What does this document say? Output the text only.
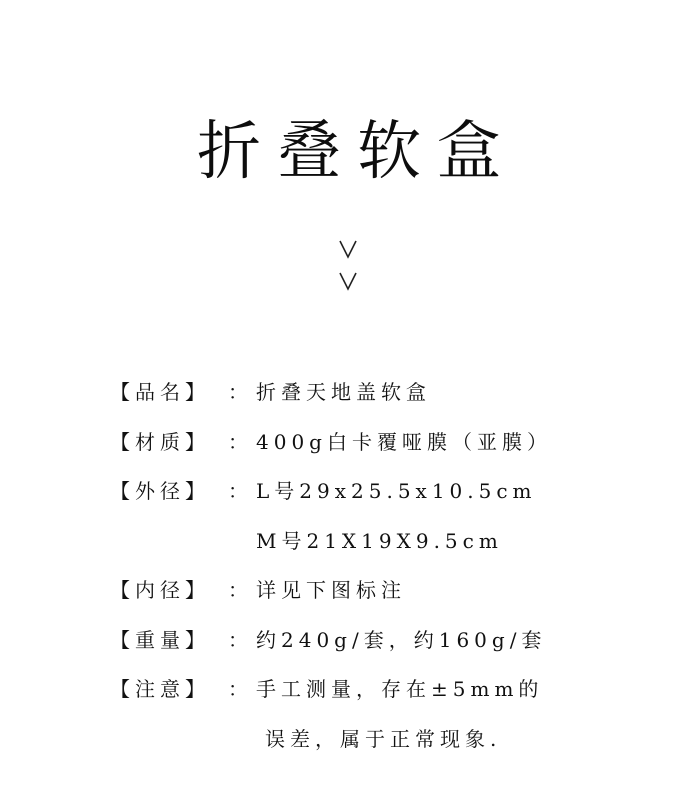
折叠软盒
【品名】 ： 折叠天地盖软盒
【材质】 ： 400g白卡覆哑膜（亚膜）
【外径】 ： L号29x25.5x10.5cm
M号21X19X9.5cm
【内径】 ： 详见下图标注
【重量】 ： 约240g/套，约160g/套
【注意】 ： 手工测量，存在±5mm的
误差，属于正常现象.
